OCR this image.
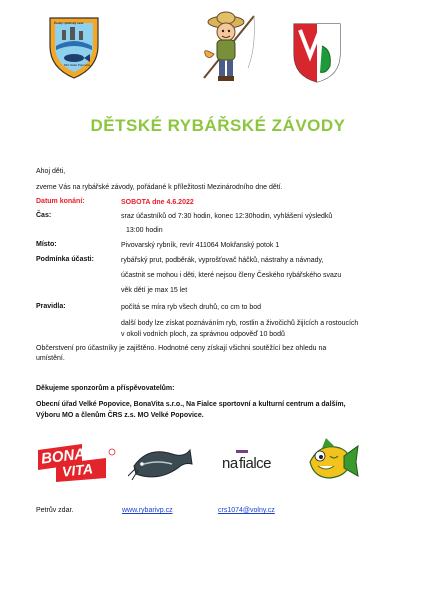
Český rybářský svaz
MO Velké Popovice
DĚTSKÉ RYBÁŘSKÉ ZÁVODY
Ahoj děti,
zveme Vás na rybářské závody, pořádané k příležitosti Mezinárodního dne dětí.
Datum konání:	SOBOTA dne 4.6.2022
Čas:	sraz účastníků od 7:30 hodin, konec 12:30hodin, vyhlášení výsledků
13:00 hodin
Místo:	Pivovarský rybník, revír 411064 Mokřanský potok 1
Podmínka účasti:	rybářský prut, podběrák, vyprošťovač háčků, nástrahy a návnady,
účastnit se mohou i děti, které nejsou členy Českého rybářského svazu
věk dětí je max 15 let
Pravidla:	počítá se míra ryb všech druhů, co cm to bod
další body lze získat poznáváním ryb, rostlin a živočichů žijících a rostoucích
v okolí vodních ploch, za správnou odpověď 10 bodů
Občerstvení pro účastníky je zajištěno. Hodnotné ceny získají všichni soutěžící bez ohledu na
umístění.
Děkujeme sponzorům a příspěvovatelům:
Obecní úřad Velké Popovice, BonaVita s.r.o., Na Fialce sportovní a kulturní centrum a dalším,
Výboru MO a členům ČRS z.s. MO Velké Popovice.
BONA
VITA	na fialce
Petrův zdar.	www.rybarivp.cz	crs1074@volny.cz
